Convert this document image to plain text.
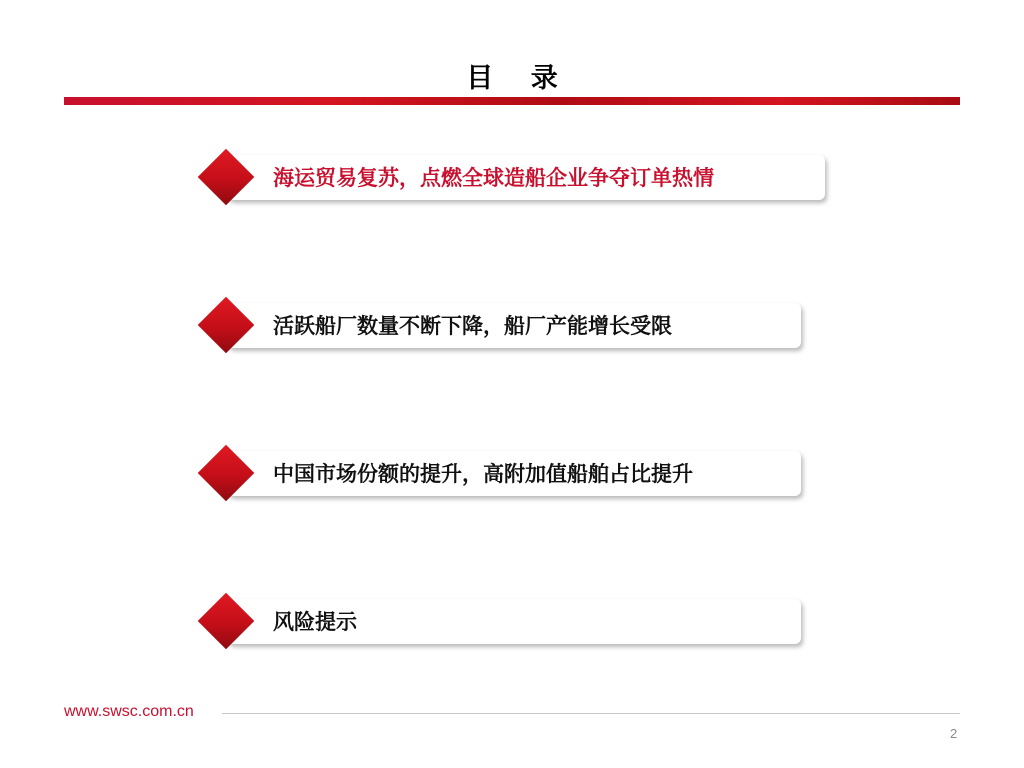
目 录
海运贸易复苏，点燃全球造船企业争夺订单热情
活跃船厂数量不断下降，船厂产能增长受限
中国市场份额的提升，高附加值船舶占比提升
风险提示
www.swsc.com.cn
2
